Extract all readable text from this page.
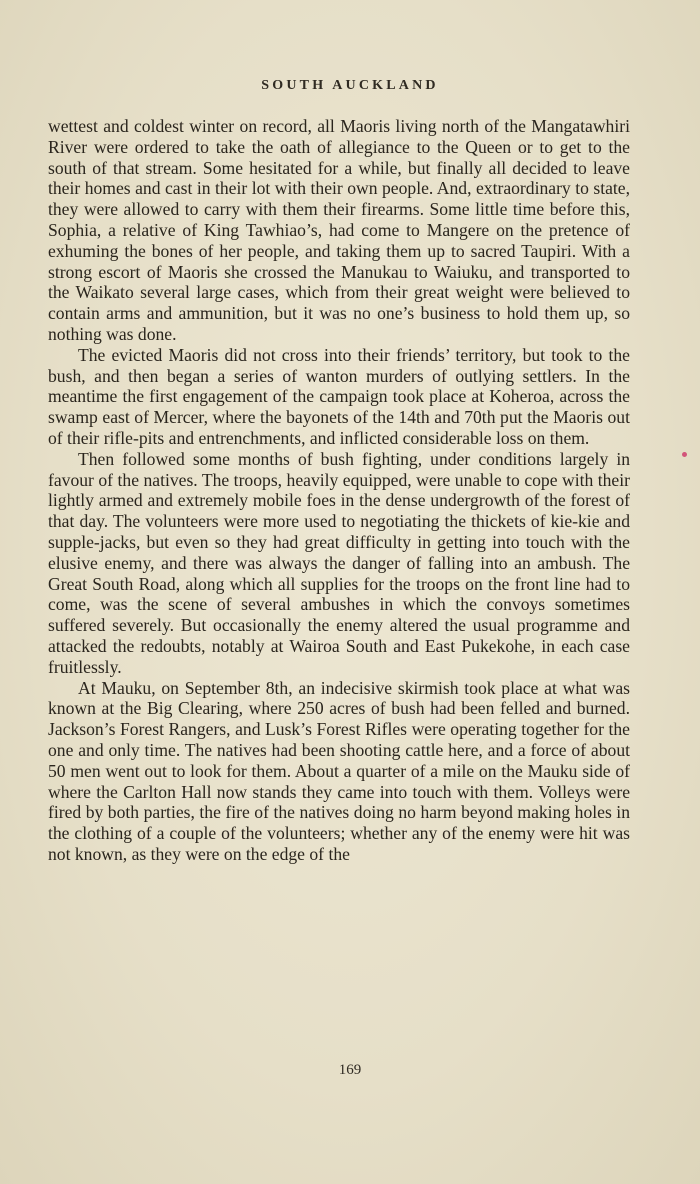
SOUTH AUCKLAND

wettest and coldest winter on record, all Maoris living north of the Mangatawhiri River were ordered to take the oath of allegiance to the Queen or to get to the south of that stream. Some hesitated for a while, but finally all decided to leave their homes and cast in their lot with their own people. And, extraordinary to state, they were allowed to carry with them their firearms. Some little time before this, Sophia, a relative of King Tawhiao’s, had come to Mangere on the pretence of exhuming the bones of her people, and taking them up to sacred Taupiri. With a strong escort of Maoris she crossed the Manukau to Waiuku, and transported to the Waikato several large cases, which from their great weight were believed to contain arms and ammunition, but it was no one’s business to hold them up, so nothing was done.

The evicted Maoris did not cross into their friends’ territory, but took to the bush, and then began a series of wanton murders of outlying settlers. In the meantime the first engagement of the campaign took place at Koheroa, across the swamp east of Mercer, where the bayonets of the 14th and 70th put the Maoris out of their rifle-pits and entrenchments, and inflicted considerable loss on them.

Then followed some months of bush fighting, under conditions largely in favour of the natives. The troops, heavily equipped, were unable to cope with their lightly armed and extremely mobile foes in the dense undergrowth of the forest of that day. The volunteers were more used to negotiating the thickets of kie-kie and supple-jacks, but even so they had great difficulty in getting into touch with the elusive enemy, and there was always the danger of falling into an ambush. The Great South Road, along which all supplies for the troops on the front line had to come, was the scene of several ambushes in which the convoys sometimes suffered severely. But occasionally the enemy altered the usual programme and attacked the redoubts, notably at Wairoa South and East Pukekohe, in each case fruitlessly.

At Mauku, on September 8th, an indecisive skirmish took place at what was known at the Big Clearing, where 250 acres of bush had been felled and burned. Jackson’s Forest Rangers, and Lusk’s Forest Rifles were operating together for the one and only time. The natives had been shooting cattle here, and a force of about 50 men went out to look for them. About a quarter of a mile on the Mauku side of where the Carlton Hall now stands they came into touch with them. Volleys were fired by both parties, the fire of the natives doing no harm beyond making holes in the clothing of a couple of the volunteers; whether any of the enemy were hit was not known, as they were on the edge of the

169
